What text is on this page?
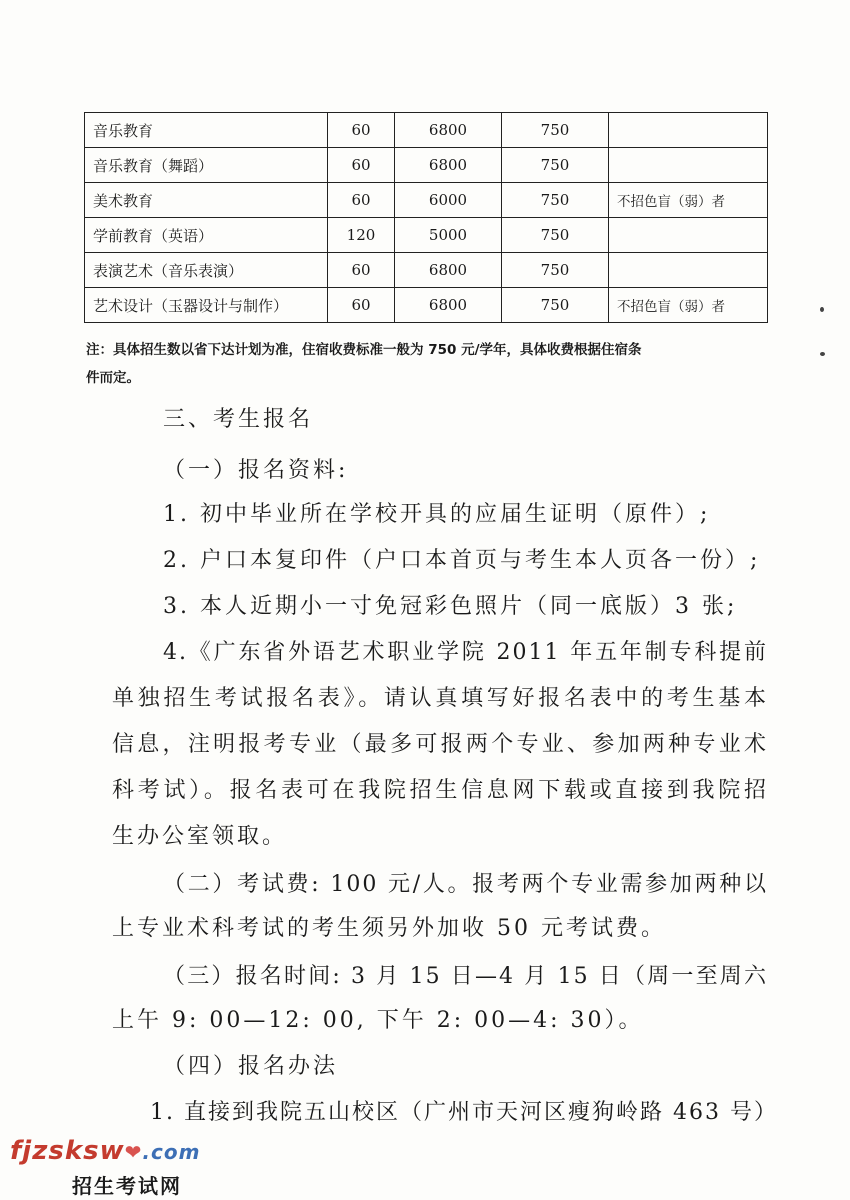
音乐教育	60	6800	750	
音乐教育（舞蹈）	60	6800	750	
美术教育	60	6000	750	不招色盲（弱）者
学前教育（英语）	120	5000	750	
表演艺术（音乐表演）	60	6800	750	
艺术设计（玉器设计与制作）	60	6800	750	不招色盲（弱）者
注：具体招生数以省下达计划为准，住宿收费标准一般为 750 元/学年，具体收费根据住宿条
件而定。
三、考生报名
（一）报名资料:
1. 初中毕业所在学校开具的应届生证明（原件）;
2. 户口本复印件（户口本首页与考生本人页各一份）;
3. 本人近期小一寸免冠彩色照片（同一底版）3 张;
4.《广东省外语艺术职业学院 2011 年五年制专科提前
单独招生考试报名表》。请认真填写好报名表中的考生基本
信息，注明报考专业（最多可报两个专业、参加两种专业术
科考试）。报名表可在我院招生信息网下载或直接到我院招
生办公室领取。
（二）考试费: 100 元/人。报考两个专业需参加两种以
上专业术科考试的考生须另外加收 50 元考试费。
（三）报名时间: 3 月 15 日—4 月 15 日（周一至周六
上午 9: 00—12: 00, 下午 2: 00—4: 30）。
（四）报名办法
1. 直接到我院五山校区（广州市天河区瘦狗岭路 463 号）
fjzsksw❤.com
招生考试网
